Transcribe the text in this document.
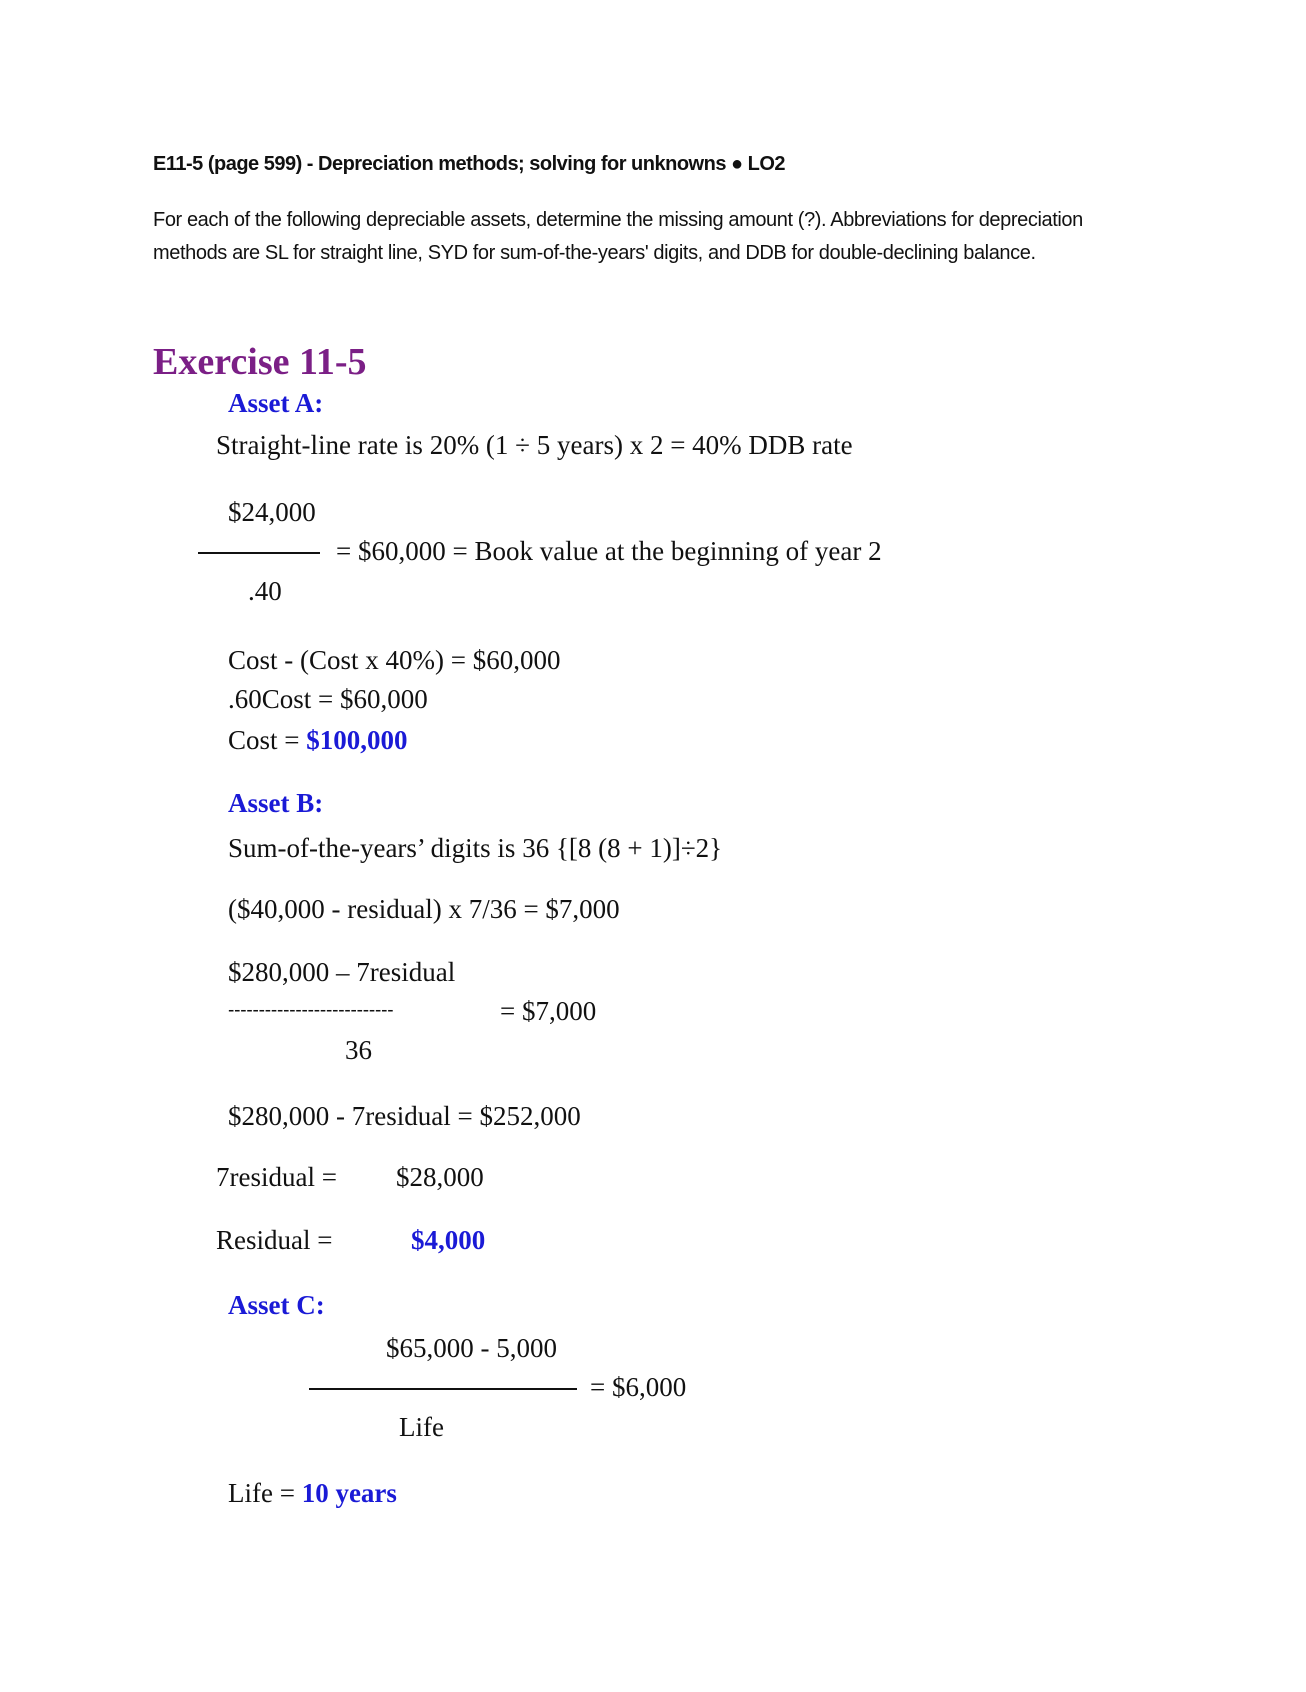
E11-5 (page 599) - Depreciation methods; solving for unknowns ● LO2
For each of the following depreciable assets, determine the missing amount (?). Abbreviations for depreciation methods are SL for straight line, SYD for sum-of-the-years' digits, and DDB for double-declining balance.
Exercise 11-5
Asset A:
Straight-line rate is 20% (1 ÷ 5 years) x 2 = 40% DDB rate
$24,000
= $60,000 = Book value at the beginning of year 2
.40
Cost - (Cost x 40%) = $60,000
.60Cost = $60,000
Cost = $100,000
Asset B:
Sum-of-the-years’ digits is 36 {[8 (8 + 1)]÷2}
($40,000 - residual) x 7/36 = $7,000
$280,000 – 7residual
---------------------------	= $7,000
36
$280,000 - 7residual = $252,000
7residual = $28,000
Residual =	$4,000
Asset C:
$65,000 - 5,000
= $6,000
Life
Life = 10 years
